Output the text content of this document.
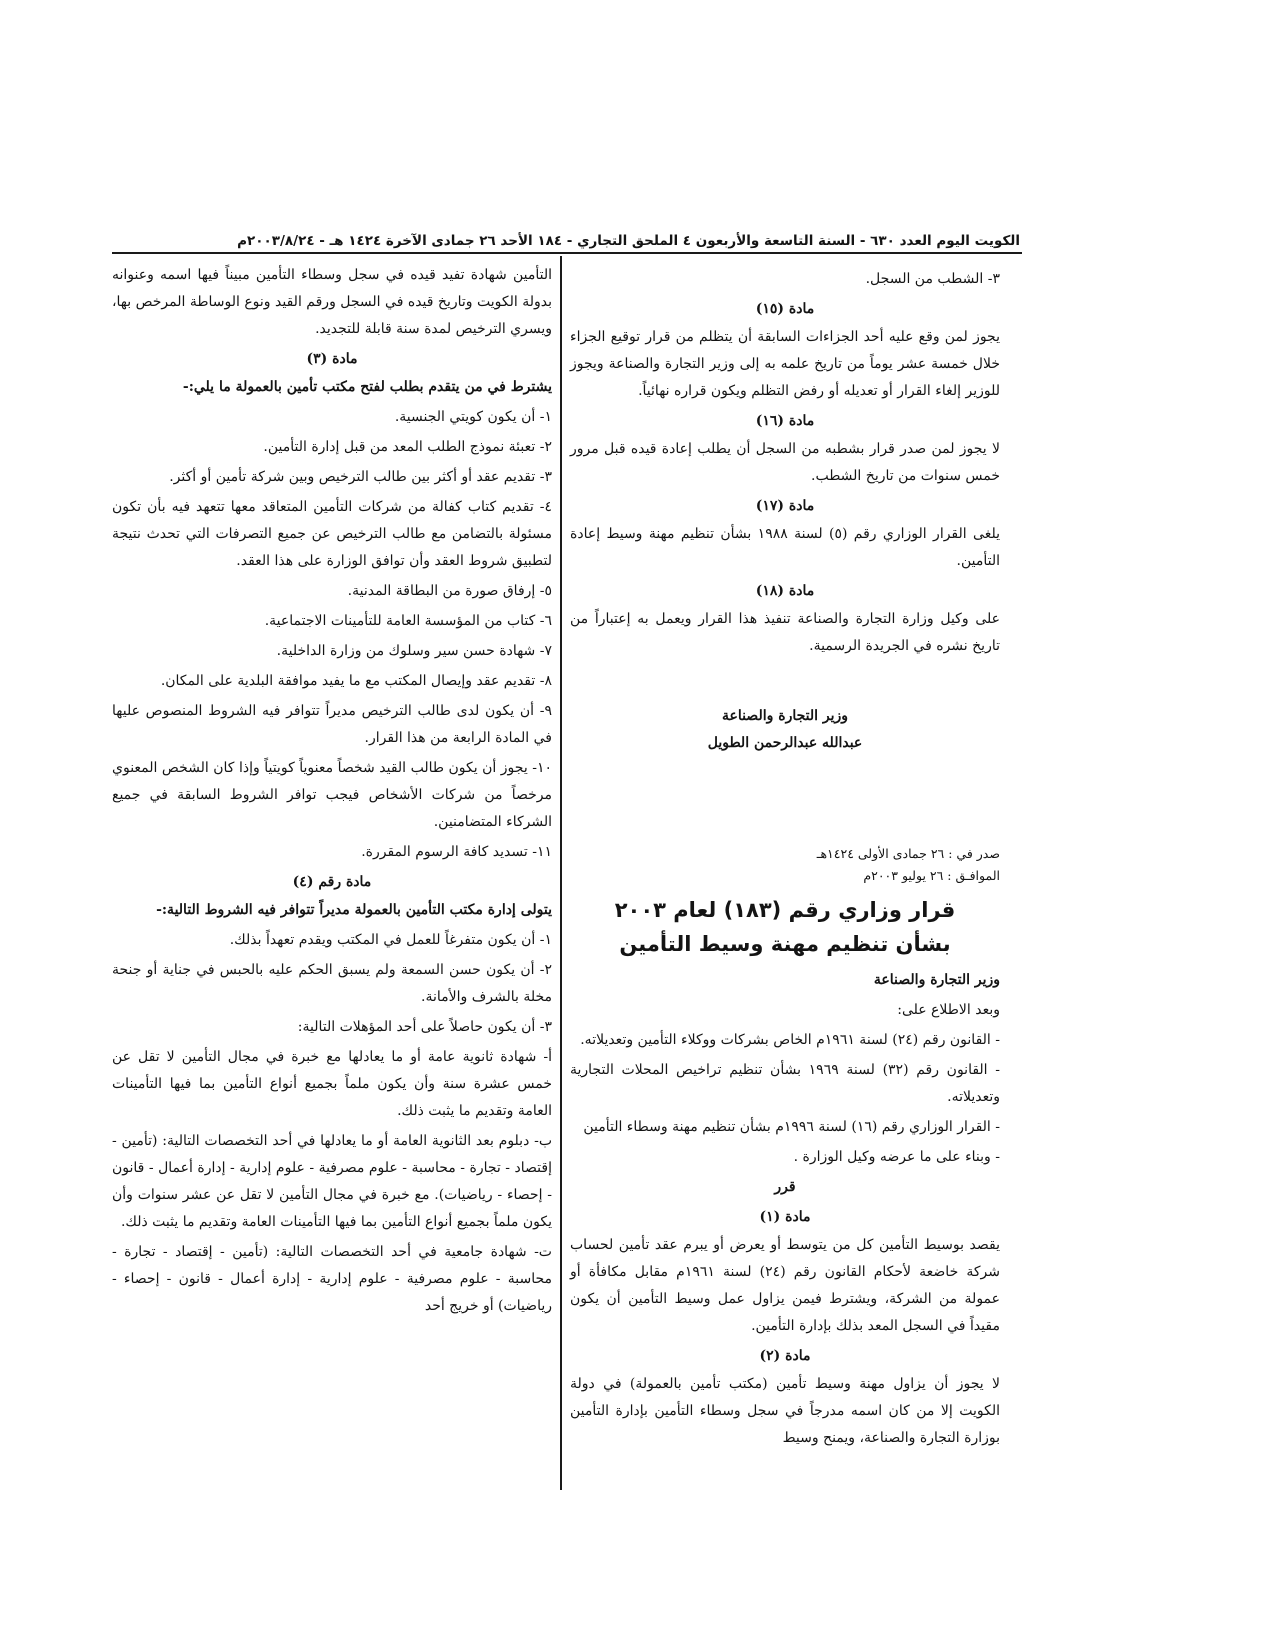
الكويت اليوم العدد ٦٣٠ - السنة التاسعة والأربعون ٤ الملحق التجاري - ١٨٤ الأحد ٢٦ جمادى الآخرة ١٤٢٤ هـ - ٢٠٠٣/٨/٢٤م

٣- الشطب من السجل.

مادة (١٥)

يجوز لمن وقع عليه أحد الجزاءات السابقة أن يتظلم من قرار توقيع الجزاء خلال خمسة عشر يوماً من تاريخ علمه به إلى وزير التجارة والصناعة ويجوز للوزير إلغاء القرار أو تعديله أو رفض التظلم ويكون قراره نهائياً.

مادة (١٦)

لا يجوز لمن صدر قرار بشطبه من السجل أن يطلب إعادة قيده قبل مرور خمس سنوات من تاريخ الشطب.

مادة (١٧)

يلغى القرار الوزاري رقم (٥) لسنة ١٩٨٨ بشأن تنظيم مهنة وسيط إعادة التأمين.

مادة (١٨)

على وكيل وزارة التجارة والصناعة تنفيذ هذا القرار ويعمل به إعتباراً من تاريخ نشره في الجريدة الرسمية.

وزير التجارة والصناعة
عبدالله عبدالرحمن الطويل

صدر في : ٢٦ جمادى الأولى ١٤٢٤هـ

الموافـق : ٢٦ يوليو ٢٠٠٣م

قرار وزاري رقم (١٨٣) لعام ٢٠٠٣
بشأن تنظيم مهنة وسيط التأمين

وزير التجارة والصناعة

وبعد الاطلاع على:

- القانون رقم (٢٤) لسنة ١٩٦١م الخاص بشركات ووكلاء التأمين وتعديلاته.

- القانون رقم (٣٢) لسنة ١٩٦٩ بشأن تنظيم تراخيص المحلات التجارية وتعديلاته.

- القرار الوزاري رقم (١٦) لسنة ١٩٩٦م بشأن تنظيم مهنة وسطاء التأمين

- وبناء على ما عرضه وكيل الوزارة .

قرر
مادة (١)

يقصد بوسيط التأمين كل من يتوسط أو يعرض أو يبرم عقد تأمين لحساب شركة خاضعة لأحكام القانون رقم (٢٤) لسنة ١٩٦١م مقابل مكافأة أو عمولة من الشركة، ويشترط فيمن يزاول عمل وسيط التأمين أن يكون مقيداً في السجل المعد بذلك بإدارة التأمين.

مادة (٢)

لا يجوز أن يزاول مهنة وسيط تأمين (مكتب تأمين بالعمولة) في دولة الكويت إلا من كان اسمه مدرجاً في سجل وسطاء التأمين بإدارة التأمين بوزارة التجارة والصناعة، ويمنح وسيط

التأمين شهادة تفيد قيده في سجل وسطاء التأمين مبيناً فيها اسمه وعنوانه بدولة الكويت وتاريخ قيده في السجل ورقم القيد ونوع الوساطة المرخص بها، ويسري الترخيص لمدة سنة قابلة للتجديد.

مادة (٣)

يشترط في من يتقدم بطلب لفتح مكتب تأمين بالعمولة ما يلي:-

١- أن يكون كويتي الجنسية.

٢- تعبئة نموذج الطلب المعد من قبل إدارة التأمين.

٣- تقديم عقد أو أكثر بين طالب الترخيص وبين شركة تأمين أو أكثر.

٤- تقديم كتاب كفالة من شركات التأمين المتعاقد معها تتعهد فيه بأن تكون مسئولة بالتضامن مع طالب الترخيص عن جميع التصرفات التي تحدث نتيجة لتطبيق شروط العقد وأن توافق الوزارة على هذا العقد.

٥- إرفاق صورة من البطاقة المدنية.

٦- كتاب من المؤسسة العامة للتأمينات الاجتماعية.

٧- شهادة حسن سير وسلوك من وزارة الداخلية.

٨- تقديم عقد وإيصال المكتب مع ما يفيد موافقة البلدية على المكان.

٩- أن يكون لدى طالب الترخيص مديراً تتوافر فيه الشروط المنصوص عليها في المادة الرابعة من هذا القرار.

١٠- يجوز أن يكون طالب القيد شخصاً معنوياً كويتياً وإذا كان الشخص المعنوي مرخصاً من شركات الأشخاص فيجب توافر الشروط السابقة في جميع الشركاء المتضامنين.

١١- تسديد كافة الرسوم المقررة.

مادة رقم (٤)

يتولى إدارة مكتب التأمين بالعمولة مديراً تتوافر فيه الشروط التالية:-

١- أن يكون متفرغاً للعمل في المكتب ويقدم تعهداً بذلك.

٢- أن يكون حسن السمعة ولم يسبق الحكم عليه بالحبس في جناية أو جنحة مخلة بالشرف والأمانة.

٣- أن يكون حاصلاً على أحد المؤهلات التالية:

أ- شهادة ثانوية عامة أو ما يعادلها مع خبرة في مجال التأمين لا تقل عن خمس عشرة سنة وأن يكون ملماً بجميع أنواع التأمين بما فيها التأمينات العامة وتقديم ما يثبت ذلك.

ب- دبلوم بعد الثانوية العامة أو ما يعادلها في أحد التخصصات التالية: (تأمين - إقتصاد - تجارة - محاسبة - علوم مصرفية - علوم إدارية - إدارة أعمال - قانون - إحصاء - رياضيات). مع خبرة في مجال التأمين لا تقل عن عشر سنوات وأن يكون ملماً بجميع أنواع التأمين بما فيها التأمينات العامة وتقديم ما يثبت ذلك.

ت- شهادة جامعية في أحد التخصصات التالية: (تأمين - إقتصاد - تجارة - محاسبة - علوم مصرفية - علوم إدارية - إدارة أعمال - قانون - إحصاء - رياضيات) أو خريج أحد
